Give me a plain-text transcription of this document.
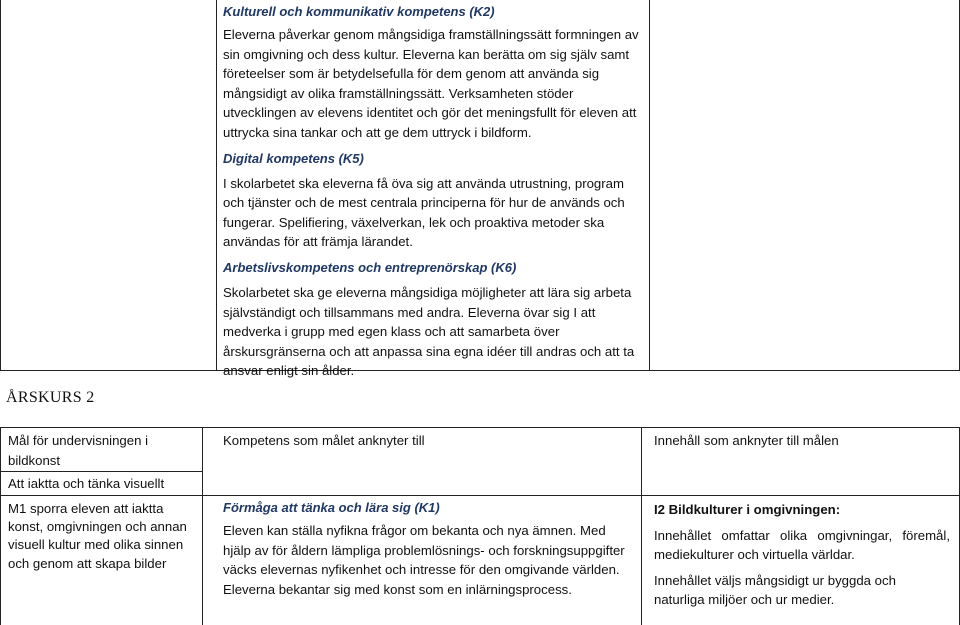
Kulturell och kommunikativ kompetens (K2)

Eleverna påverkar genom mångsidiga framställningssätt formningen av sin omgivning och dess kultur. Eleverna kan berätta om sig själv samt företeelser som är betydelsefulla för dem genom att använda sig mångsidigt av olika framställningssätt. Verksamheten stöder utvecklingen av elevens identitet och gör det meningsfullt för eleven att uttrycka sina tankar och att ge dem uttryck i bildform.

Digital kompetens (K5)

I skolarbetet ska eleverna få öva sig att använda utrustning, program och tjänster och de mest centrala principerna för hur de används och fungerar. Spelifiering, växelverkan, lek och proaktiva metoder ska användas för att främja lärandet.

Arbetslivskompetens och entreprenörskap (K6)

Skolarbetet ska ge eleverna mångsidiga möjligheter att lära sig arbeta självständigt och tillsammans med andra. Eleverna övar sig I att medverka i grupp med egen klass och att samarbeta över årskursgränserna och att anpassa sina egna idéer till andras och att ta ansvar enligt sin ålder.

ÅRSKURS 2
Mål för undervisningen i bildkonst
Kompetens som målet anknyter till	Innehåll som anknyter till målen
Att iaktta och tänka visuellt
M1 sporra eleven att iaktta konst, omgivningen och annan visuell kultur med olika sinnen och genom att skapa bilder
Förmåga att tänka och lära sig (K1)

Eleven kan ställa nyfikna frågor om bekanta och nya ämnen. Med hjälp av för åldern lämpliga problemlösnings- och forskningsuppgifter väcks elevernas nyfikenhet och intresse för den omgivande världen. Eleverna bekantar sig med konst som en inlärningsprocess.

I2 Bildkulturer i omgivningen:

Innehållet omfattar olika omgivningar, föremål, mediekulturer och virtuella världar.

Innehållet väljs mångsidigt ur byggda och naturliga miljöer och ur medier.
